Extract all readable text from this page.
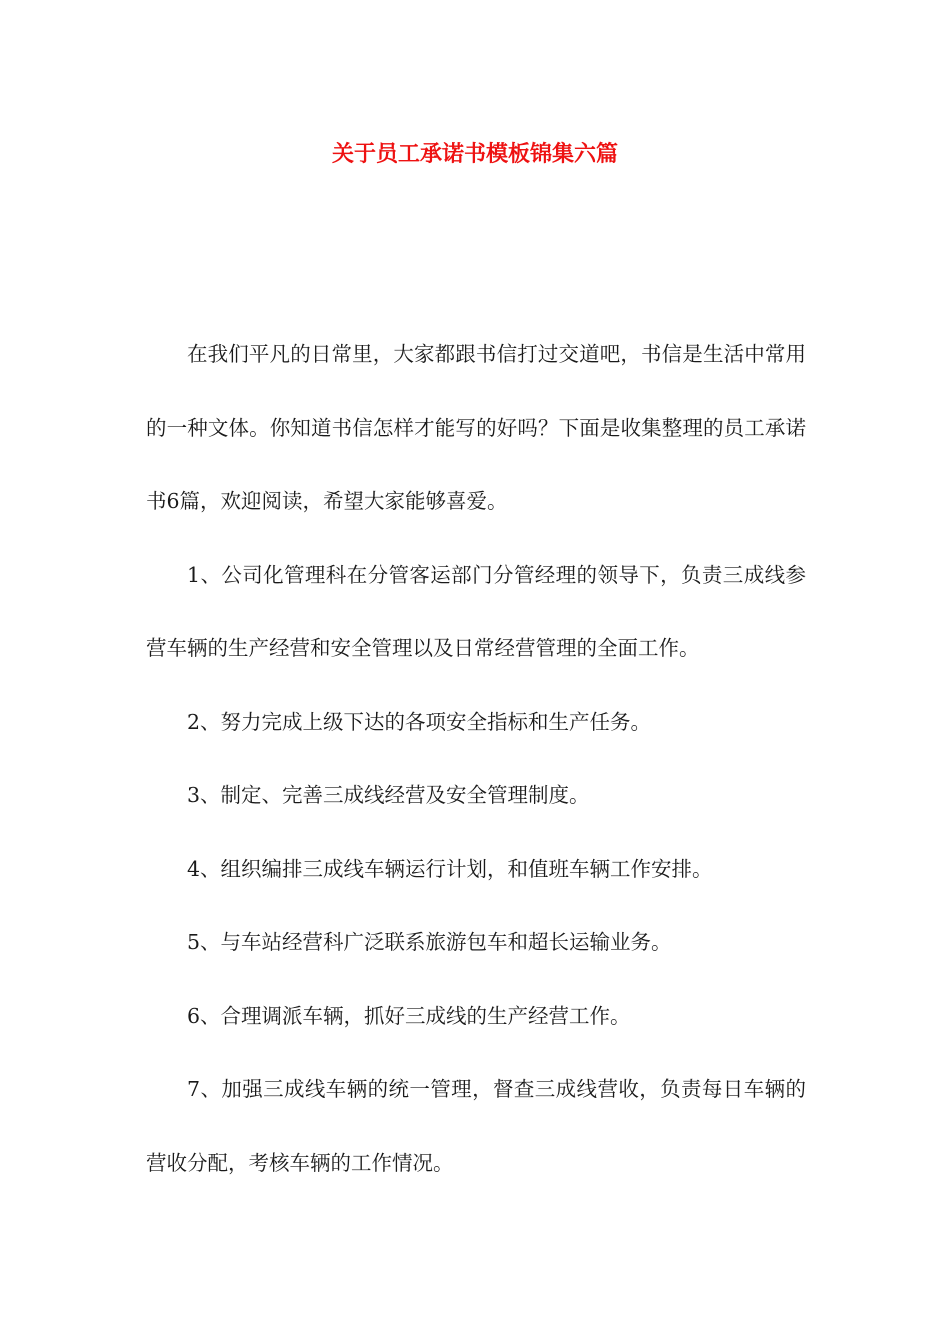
关于员工承诺书模板锦集六篇

在我们平凡的日常里，大家都跟书信打过交道吧，书信是生活中常用的一种文体。你知道书信怎样才能写的好吗？下面是收集整理的员工承诺书6篇，欢迎阅读，希望大家能够喜爱。

1、公司化管理科在分管客运部门分管经理的领导下，负责三成线参营车辆的生产经营和安全管理以及日常经营管理的全面工作。

2、努力完成上级下达的各项安全指标和生产任务。

3、制定、完善三成线经营及安全管理制度。

4、组织编排三成线车辆运行计划，和值班车辆工作安排。

5、与车站经营科广泛联系旅游包车和超长运输业务。

6、合理调派车辆，抓好三成线的生产经营工作。

7、加强三成线车辆的统一管理，督查三成线营收，负责每日车辆的营收分配，考核车辆的工作情况。
